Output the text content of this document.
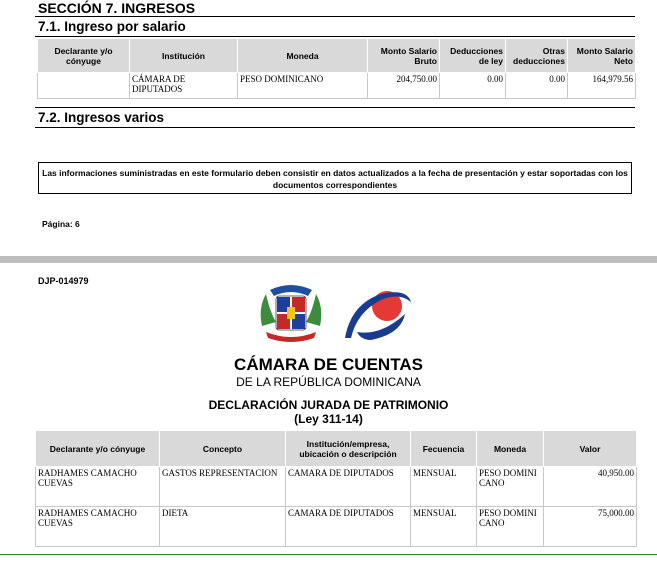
SECCIÓN 7. INGRESOS
7.1. Ingreso por salario
Declarante y/o cónyuge	Institución	Moneda	Monto Salario Bruto	Deducciones de ley	Otras deducciones	Monto Salario Neto
	CÁMARA DE DIPUTADOS	PESO DOMINICANO	204,750.00	0.00	0.00	164,979.56
7.2. Ingresos varios
Las informaciones suministradas en este formulario deben consistir en datos actualizados a la fecha de presentación y estar soportadas con los documentos correspondientes
Página: 6
DJP-014979
CÁMARA DE CUENTAS
DE LA REPÚBLICA DOMINICANA
DECLARACIÓN JURADA DE PATRIMONIO
(Ley 311-14)
Declarante y/o cónyuge	Concepto	Institución/empresa, ubicación o descripción	Fecuencia	Moneda	Valor
RADHAMES CAMACHO CUEVAS	GASTOS REPRESENTACION	CAMARA DE DIPUTADOS	MENSUAL	PESO DOMINICANO	40,950.00
RADHAMES CAMACHO CUEVAS	DIETA	CAMARA DE DIPUTADOS	MENSUAL	PESO DOMINICANO	75,000.00
